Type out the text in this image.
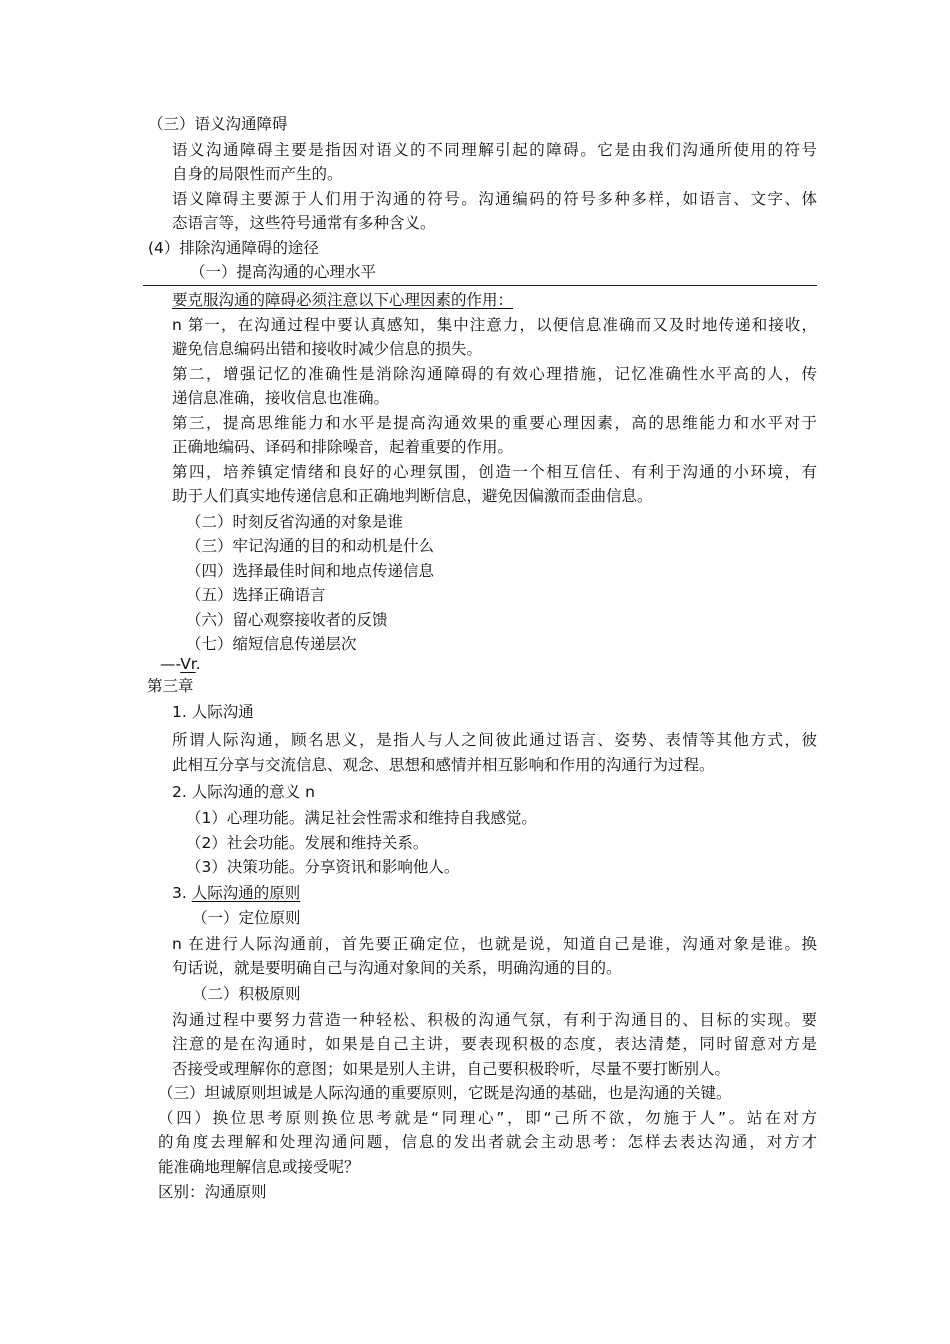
（三）语义沟通障碍

语义沟通障碍主要是指因对语义的不同理解引起的障碍。它是由我们沟通所使用的符号

自身的局限性而产生的。

语义障碍主要源于人们用于沟通的符号。沟通编码的符号多种多样，如语言、文字、体

态语言等，这些符号通常有多种含义。

(4）排除沟通障碍的途径

（一）提高沟通的心理水平

要克服沟通的障碍必须注意以下心理因素的作用：

n 第一，在沟通过程中要认真感知，集中注意力，以便信息准确而又及时地传递和接收，

避免信息编码出错和接收时减少信息的损失。

第二，增强记忆的准确性是消除沟通障碍的有效心理措施，记忆准确性水平高的人，传

递信息准确，接收信息也准确。

第三，提高思维能力和水平是提高沟通效果的重要心理因素，高的思维能力和水平对于

正确地编码、译码和排除噪音，起着重要的作用。

第四，培养镇定情绪和良好的心理氛围，创造一个相互信任、有利于沟通的小环境，有

助于人们真实地传递信息和正确地判断信息，避免因偏激而歪曲信息。

（二）时刻反省沟通的对象是谁

（三）牢记沟通的目的和动机是什么

（四）选择最佳时间和地点传递信息

（五）选择正确语言

（六）留心观察接收者的反馈

（七）缩短信息传递层次

—-Vr.

第三章

1. 人际沟通

所谓人际沟通，顾名思义，是指人与人之间彼此通过语言、姿势、表情等其他方式，彼

此相互分享与交流信息、观念、思想和感情并相互影响和作用的沟通行为过程。

2. 人际沟通的意义 n

（1）心理功能。满足社会性需求和维持自我感觉。

（2）社会功能。发展和维持关系。

（3）决策功能。分享资讯和影响他人。

3. 人际沟通的原则

（一）定位原则

n 在进行人际沟通前，首先要正确定位，也就是说，知道自己是谁，沟通对象是谁。换

句话说，就是要明确自己与沟通对象间的关系，明确沟通的目的。

（二）积极原则

沟通过程中要努力营造一种轻松、积极的沟通气氛，有利于沟通目的、目标的实现。要

注意的是在沟通时，如果是自己主讲，要表现积极的态度，表达清楚，同时留意对方是

否接受或理解你的意图；如果是别人主讲，自己要积极聆听，尽量不要打断别人。

（三）坦诚原则坦诚是人际沟通的重要原则，它既是沟通的基础，也是沟通的关键。

（四）换位思考原则换位思考就是“同理心”，即“己所不欲，勿施于人”。站在对方

的角度去理解和处理沟通问题，信息的发出者就会主动思考：怎样去表达沟通，对方才

能准确地理解信息或接受呢？

区别：沟通原则
